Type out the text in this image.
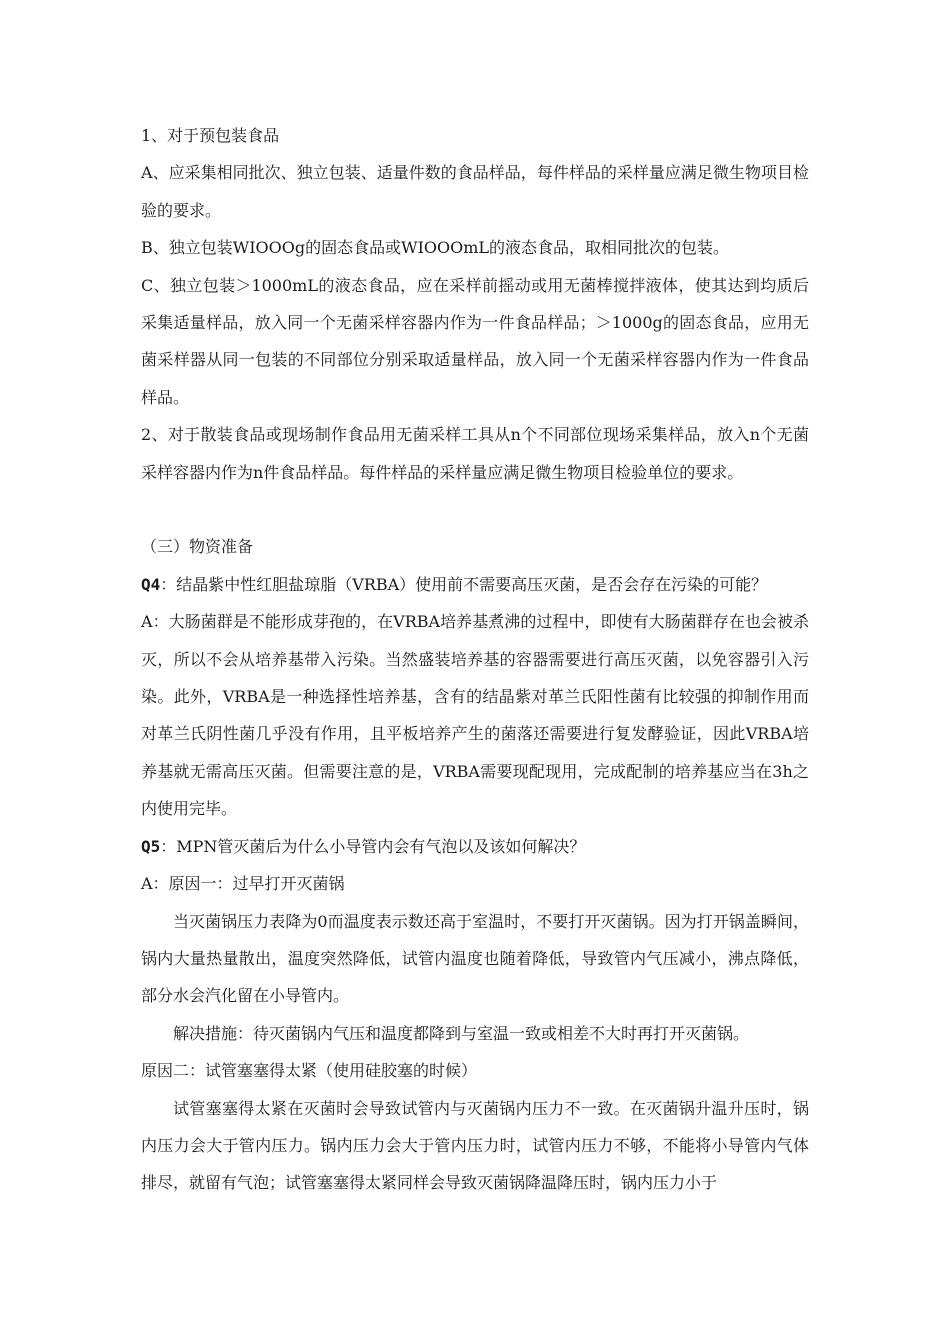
1、对于预包装食品

A、应采集相同批次、独立包装、适量件数的食品样品，每件样品的采样量应满足微生物项目检验的要求。

B、独立包装WIOOOg的固态食品或WIOOOmL的液态食品，取相同批次的包装。

C、独立包装＞1000mL的液态食品，应在采样前摇动或用无菌棒搅拌液体，使其达到均质后采集适量样品，放入同一个无菌采样容器内作为一件食品样品；＞1000g的固态食品，应用无菌采样器从同一包装的不同部位分别采取适量样品，放入同一个无菌采样容器内作为一件食品样品。

2、对于散装食品或现场制作食品用无菌采样工具从n个不同部位现场采集样品，放入n个无菌采样容器内作为n件食品样品。每件样品的采样量应满足微生物项目检验单位的要求。

（三）物资准备

Q4：结晶紫中性红胆盐琼脂（VRBA）使用前不需要高压灭菌，是否会存在污染的可能？

A：大肠菌群是不能形成芽孢的，在VRBA培养基煮沸的过程中，即使有大肠菌群存在也会被杀灭，所以不会从培养基带入污染。当然盛装培养基的容器需要进行高压灭菌，以免容器引入污染。此外，VRBA是一种选择性培养基，含有的结晶紫对革兰氏阳性菌有比较强的抑制作用而对革兰氏阴性菌几乎没有作用，且平板培养产生的菌落还需要进行复发酵验证，因此VRBA培养基就无需高压灭菌。但需要注意的是，VRBA需要现配现用，完成配制的培养基应当在3h之内使用完毕。

Q5：MPN管灭菌后为什么小导管内会有气泡以及该如何解决？

A：原因一：过早打开灭菌锅

当灭菌锅压力表降为0而温度表示数还高于室温时，不要打开灭菌锅。因为打开锅盖瞬间，锅内大量热量散出，温度突然降低，试管内温度也随着降低，导致管内气压减小，沸点降低，部分水会汽化留在小导管内。

解决措施：待灭菌锅内气压和温度都降到与室温一致或相差不大时再打开灭菌锅。

原因二：试管塞塞得太紧（使用硅胶塞的时候）

试管塞塞得太紧在灭菌时会导致试管内与灭菌锅内压力不一致。在灭菌锅升温升压时，锅内压力会大于管内压力。锅内压力会大于管内压力时，试管内压力不够，不能将小导管内气体排尽，就留有气泡；试管塞塞得太紧同样会导致灭菌锅降温降压时，锅内压力小于
